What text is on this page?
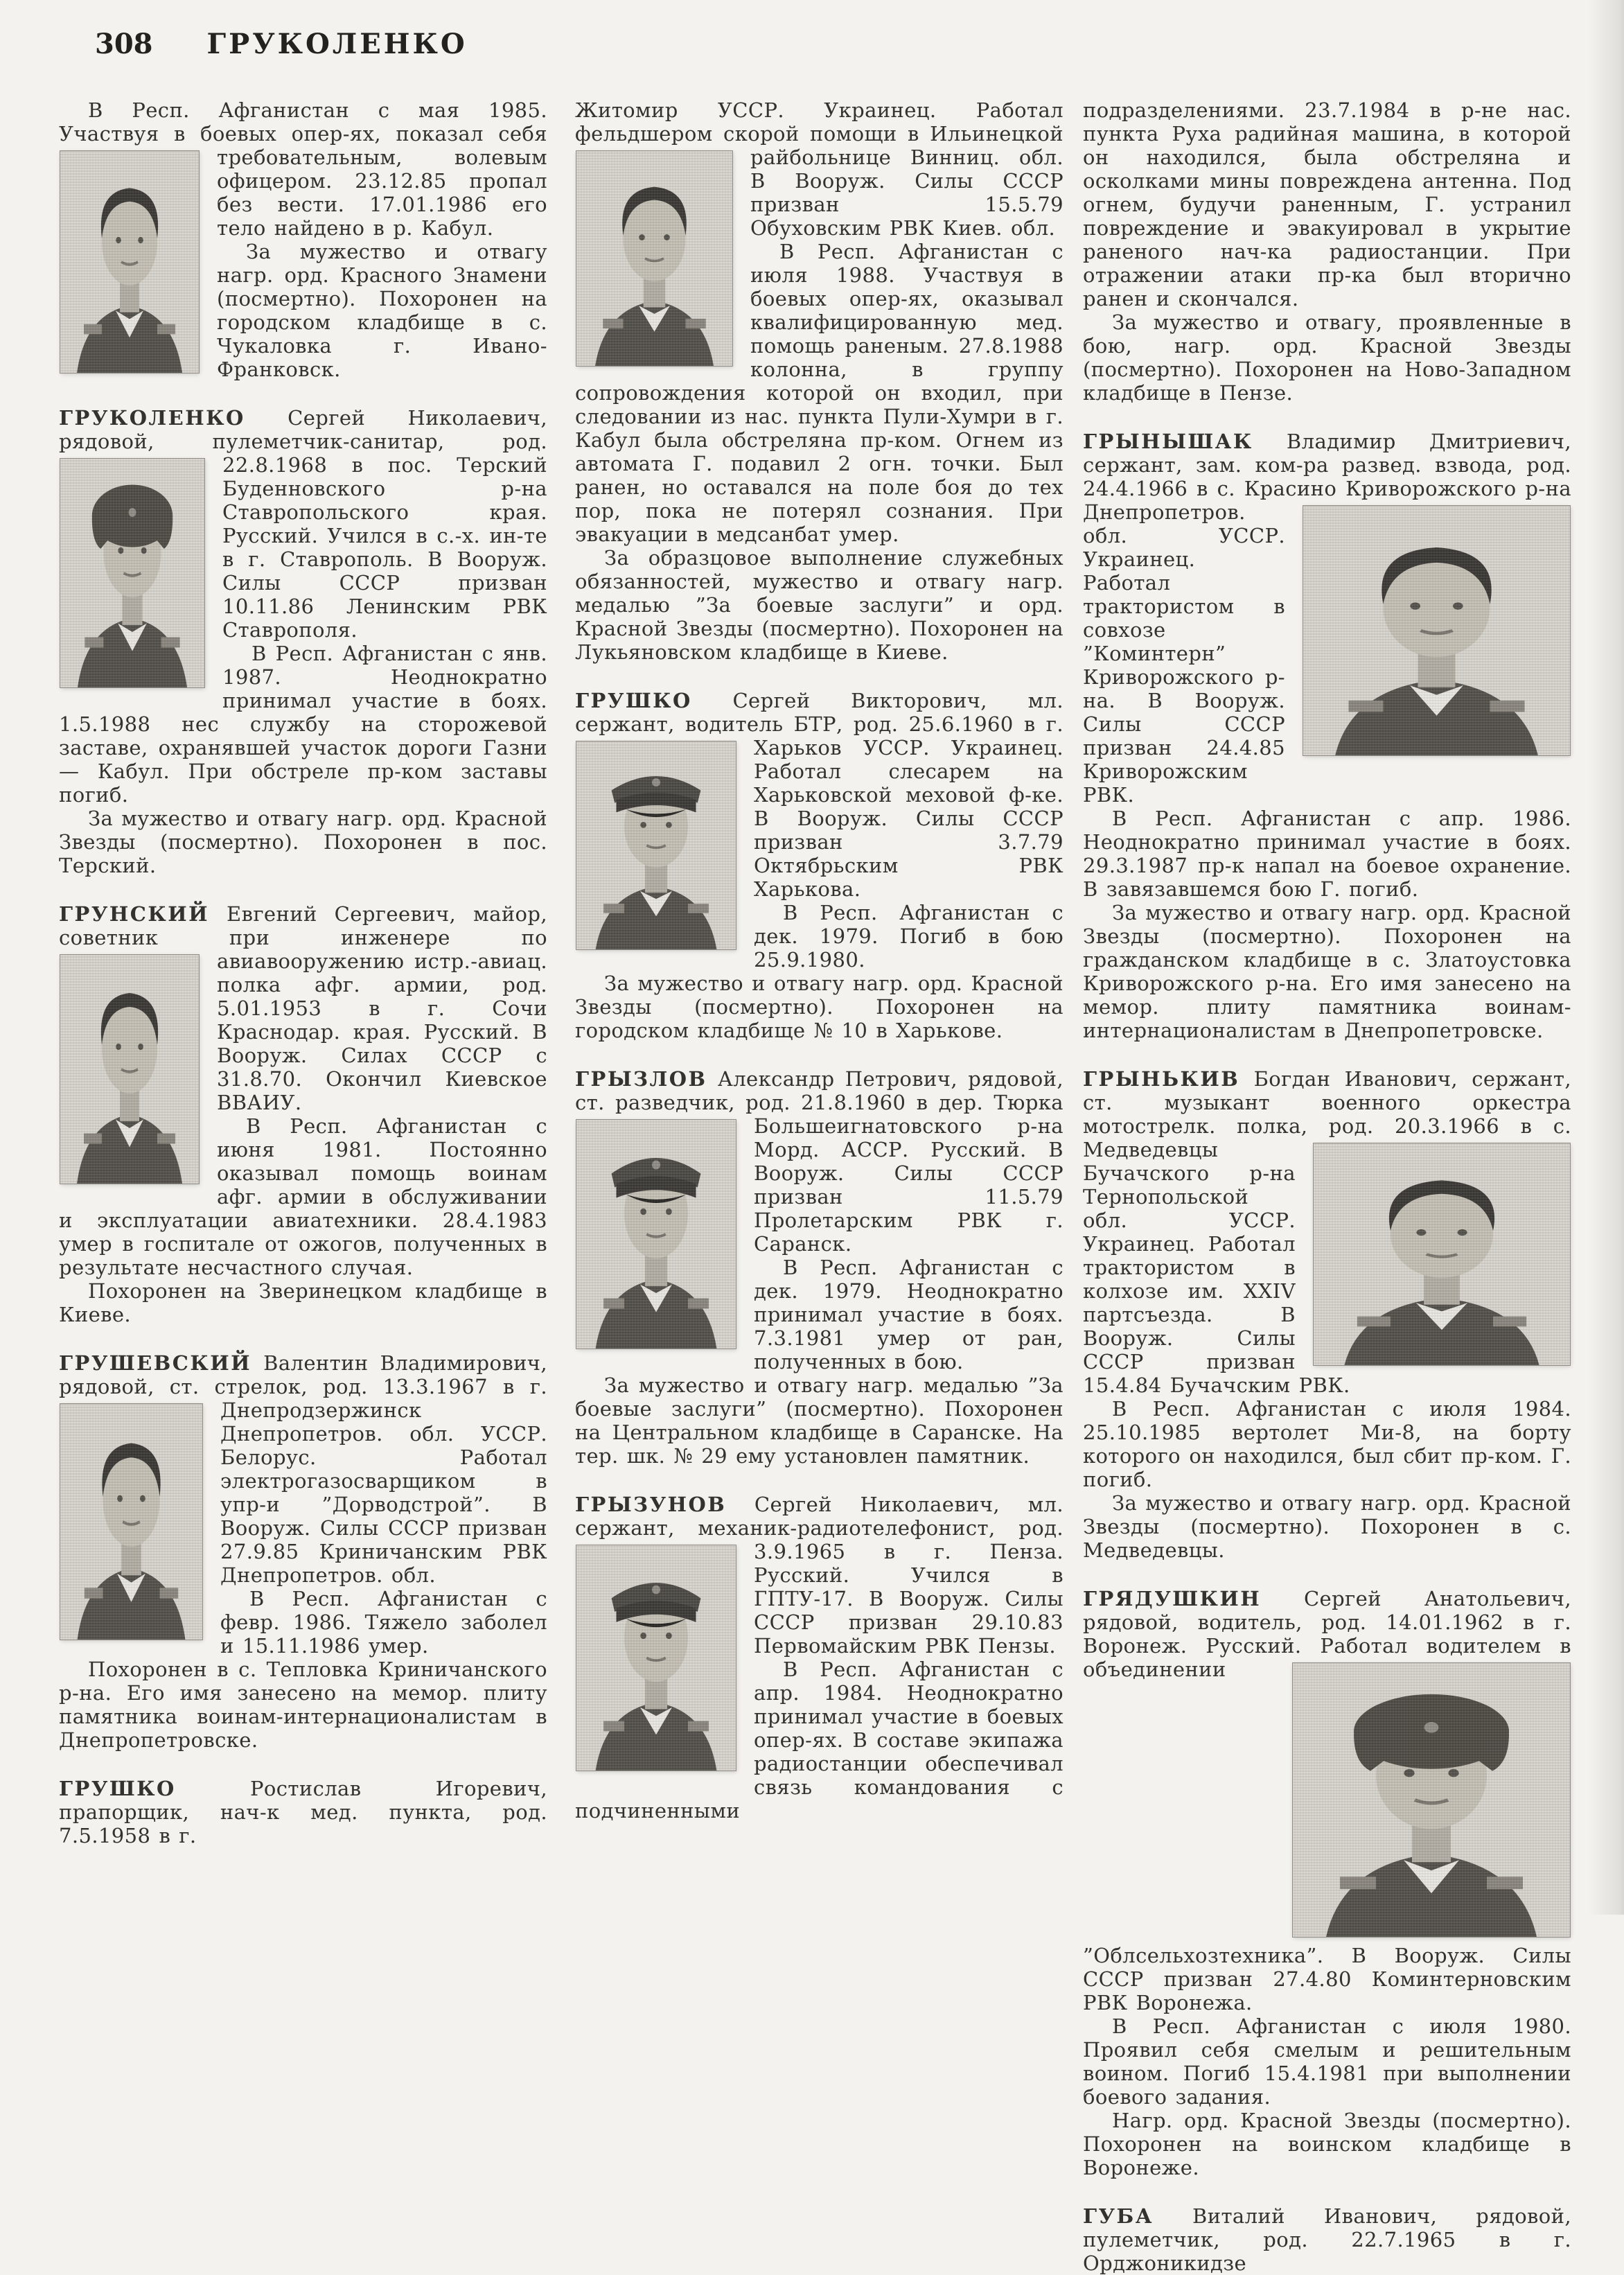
308 ГРУКОЛЕНКО

В Респ. Афганистан с мая 1985. Участвуя в боевых опер-ях, показал
себя требовательным, волевым офицером. 23.12.85 пропал без вести. 17.01.1986 его тело найдено в р. Кабул.

За мужество и отвагу нагр. орд. Красного Знамени (посмертно). Похоронен на городском кладбище в с. Чукаловка г. Ивано-Франковск.

ГРУКОЛЕНКО Сергей Николаевич, рядовой, пулеметчик-санитар, род. 22.8.1968 в
пос. Терский Буденновского р-на Ставропольского края. Русский. Учился в с.-х. ин-те в г. Ставрополь. В Вооруж. Силы СССР призван 10.11.86 Ленинским РВК Ставрополя.

В Респ. Афганистан с янв. 1987. Неоднократно принимал участие в боях. 1.5.1988 нес службу на сторожевой заставе, охранявшей участок дороги Газни — Кабул. При обстреле пр-ком заставы погиб.

За мужество и отвагу нагр. орд. Красной Звезды (посмертно). Похоронен в пос. Терский.

ГРУНСКИЙ Евгений Сергеевич, майор, советник при инженере по авиавооружению
истр.-авиац. полка афг. армии, род. 5.01.1953 в г. Сочи Краснодар. края. Русский. В Вооруж. Силах СССР с 31.8.70. Окончил Киевское ВВАИУ.

В Респ. Афганистан с июня 1981. Постоянно оказывал помощь воинам афг. армии в обслуживании и эксплуатации авиатехники. 28.4.1983 умер в госпитале от ожогов, полученных в результате несчастного случая.

Похоронен на Зверинецком кладбище в Киеве.

ГРУШЕВСКИЙ Валентин Владимирович, рядовой, ст. стрелок, род. 13.3.1967 в г.
Днепродзержинск Днепропетров. обл. УССР. Белорус. Работал электрогазосварщиком в упр-и ”Дорводстрой”. В Вооруж. Силы СССР призван 27.9.85 Криничанским РВК Днепропетров. обл.

В Респ. Афганистан с февр. 1986. Тяжело заболел и 15.11.1986 умер.

Похоронен в с. Тепловка Криничанского р-на. Его имя занесено на мемор. плиту памятника воинам-интернационалистам в Днепропетровске.

ГРУШКО Ростислав Игоревич, прапорщик, нач-к мед. пункта, род. 7.5.1958 в г.

Житомир УССР. Украинец. Работал фельдшером скорой помощи в Ильинецкой
райбольнице Винниц. обл. В Вооруж. Силы СССР призван 15.5.79 Обуховским РВК Киев. обл.

В Респ. Афганистан с июля 1988. Участвуя в боевых опер-ях, оказывал квалифицированную мед. помощь раненым. 27.8.1988 колонна, в группу сопровождения которой он входил, при следовании из нас. пункта Пули-Хумри в г. Кабул была обстреляна пр-ком. Огнем из автомата Г. подавил 2 огн. точки. Был ранен, но оставался на поле боя до тех пор, пока не потерял сознания. При эвакуации в медсанбат умер.

За образцовое выполнение служебных обязанностей, мужество и отвагу нагр. медалью ”За боевые заслуги” и орд. Красной Звезды (посмертно). Похоронен на Лукьяновском кладбище в Киеве.

ГРУШКО Сергей Викторович, мл. сержант, водитель БТР, род. 25.6.1960 в г.
Харьков УССР. Украинец. Работал слесарем на Харьковской меховой ф-ке. В Вооруж. Силы СССР призван 3.7.79 Октябрьским РВК Харькова.

В Респ. Афганистан с дек. 1979. Погиб в бою 25.9.1980.

За мужество и отвагу нагр. орд. Красной Звезды (посмертно). Похоронен на городском кладбище № 10 в Харькове.

ГРЫЗЛОВ Александр Петрович, рядовой, ст. разведчик, род. 21.8.1960 в дер. Тюрка
Большеигнатовского р-на Морд. АССР. Русский. В Вооруж. Силы СССР призван 11.5.79 Пролетарским РВК г. Саранск.

В Респ. Афганистан с дек. 1979. Неоднократно принимал участие в боях. 7.3.1981 умер от ран, полученных в бою.

За мужество и отвагу нагр. медалью ”За боевые заслуги” (посмертно). Похоронен на Центральном кладбище в Саранске. На тер. шк. № 29 ему установлен памятник.

ГРЫЗУНОВ Сергей Николаевич, мл. сержант, механик-радиотелефонист, род.
3.9.1965 в г. Пенза. Русский. Учился в ГПТУ-17. В Вооруж. Силы СССР призван 29.10.83 Первомайским РВК Пензы.

В Респ. Афганистан с апр. 1984. Неоднократно принимал участие в боевых опер-ях. В составе экипажа радиостанции обеспечивал связь командования с подчиненными

подразделениями. 23.7.1984 в р-не нас. пункта Руха радийная машина, в которой он находился, была обстреляна и осколками мины повреждена антенна. Под огнем, будучи раненным, Г. устранил повреждение и эвакуировал в укрытие раненого нач-ка радиостанции. При отражении атаки пр-ка был вторично ранен и скончался.

За мужество и отвагу, проявленные в бою, нагр. орд. Красной Звезды (посмертно). Похоронен на Ново-Западном кладбище в Пензе.

ГРЫНЫШАК Владимир Дмитриевич, сержант, зам. ком-ра развед. взвода, род. 24.4.1966 в с. Красино
Криворожского р-на Днепропетров. обл. УССР. Украинец. Работал трактористом в совхозе ”Коминтерн” Криворожского р-на. В Вооруж. Силы СССР призван 24.4.85 Криворожским РВК.

В Респ. Афганистан с апр. 1986. Неоднократно принимал участие в боях. 29.3.1987 пр-к напал на боевое охранение. В завязавшемся бою Г. погиб.

За мужество и отвагу нагр. орд. Красной Звезды (посмертно). Похоронен на гражданском кладбище в с. Златоустовка Криворожского р-на. Его имя занесено на мемор. плиту памятника воинам-интернационалистам в Днепропетровске.

ГРЫНЬКИВ Богдан Иванович, сержант, ст. музыкант военного оркестра мотострелк. полка, род. 20.3.1966 в
с. Медведевцы Бучачского р-на Тернопольской обл. УССР. Украинец. Работал трактористом в колхозе им. XXIV партсъезда. В Вооруж. Силы СССР призван 15.4.84 Бучачским РВК.

В Респ. Афганистан с июля 1984. 25.10.1985 вертолет Ми-8, на борту которого он находился, был сбит пр-ком. Г. погиб.

За мужество и отвагу нагр. орд. Красной Звезды (посмертно). Похоронен в с. Медведевцы.

ГРЯДУШКИН Сергей Анатольевич, рядовой, водитель, род. 14.01.1962 в г. Воронеж. Русский. Работал
водителем в объединении ”Облсельхозтехника”. В Вооруж. Силы СССР призван 27.4.80 Коминтерновским РВК Воронежа.

В Респ. Афганистан с июля 1980. Проявил себя смелым и решительным воином. Погиб 15.4.1981 при выполнении боевого задания.

Нагр. орд. Красной Звезды (посмертно). Похоронен на воинском кладбище в Воронеже.

ГУБА Виталий Иванович, рядовой, пулеметчик, род. 22.7.1965 в г. Орджоникидзе
